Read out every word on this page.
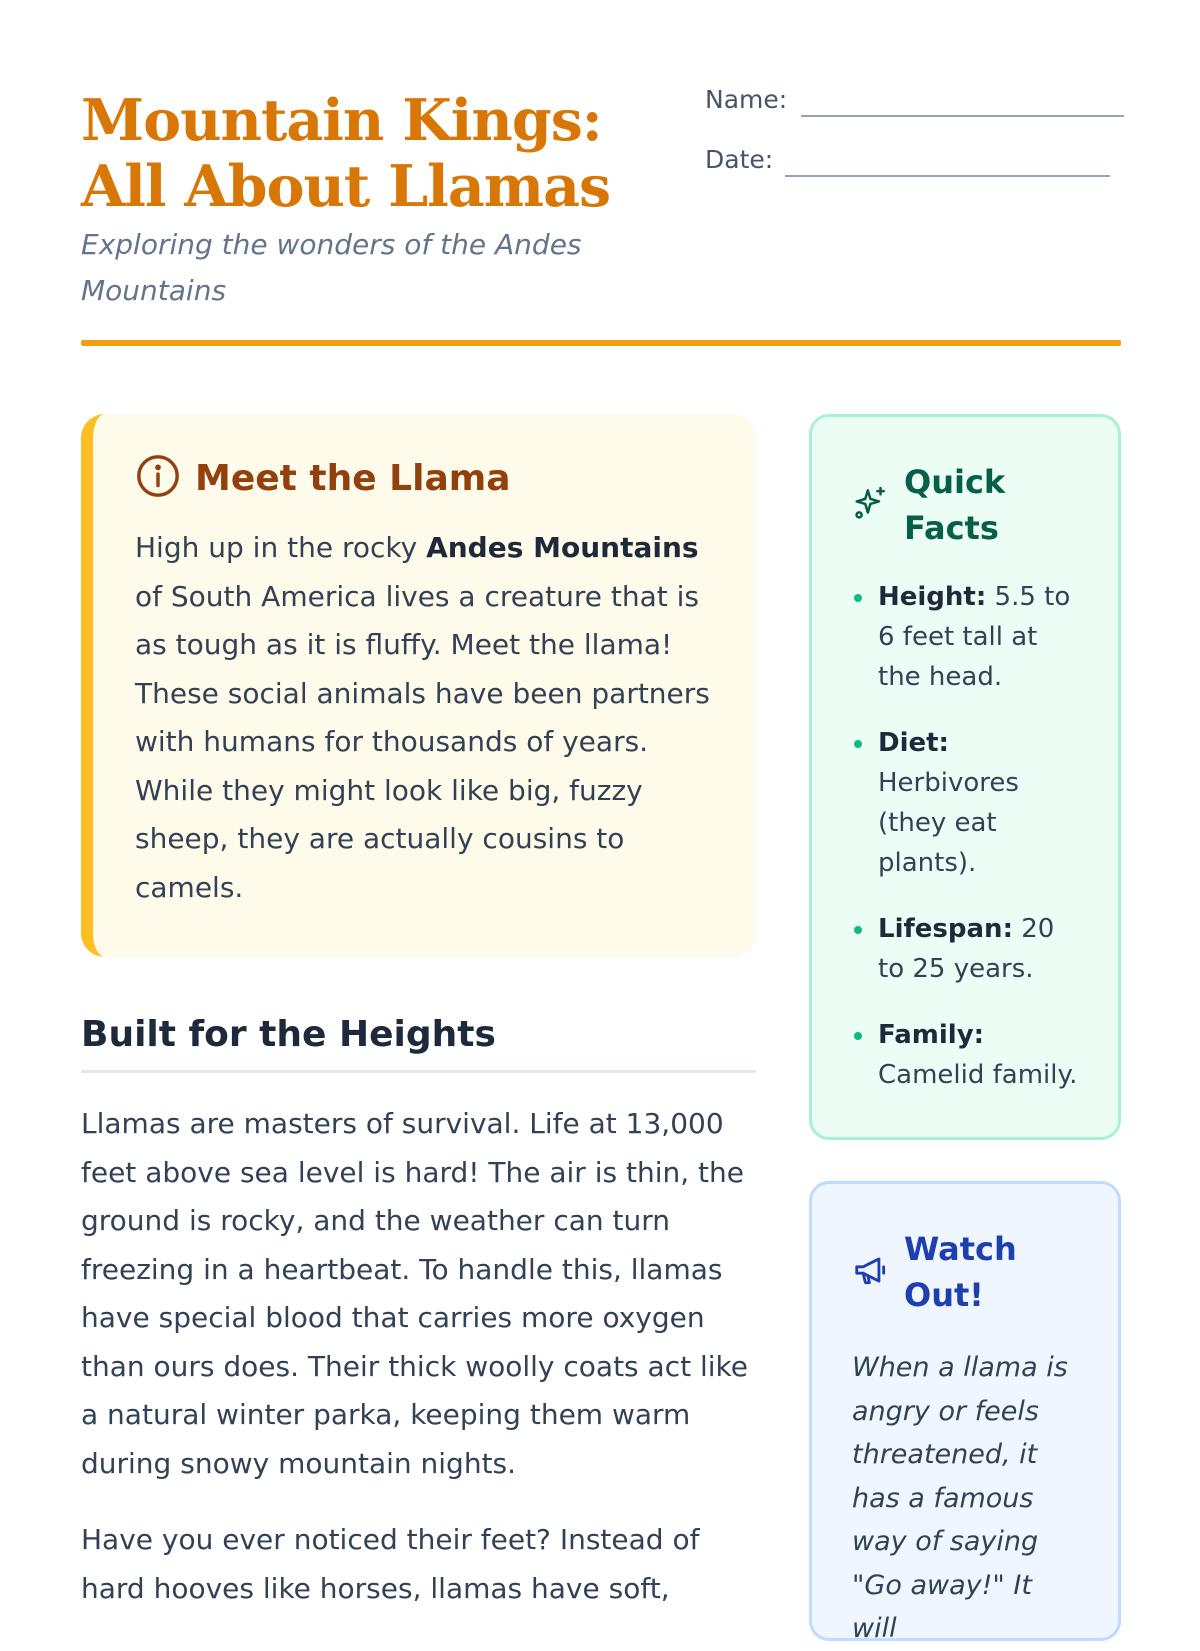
Mountain Kings: All About Llamas
Exploring the wonders of the Andes Mountains
Name:
Date:
Meet the Llama

High up in the rocky Andes Mountains of South America lives a creature that is as tough as it is fluffy. Meet the llama! These social animals have been partners with humans for thousands of years. While they might look like big, fuzzy sheep, they are actually cousins to camels.

Built for the Heights

Llamas are masters of survival. Life at 13,000 feet above sea level is hard! The air is thin, the ground is rocky, and the weather can turn freezing in a heartbeat. To handle this, llamas have special blood that carries more oxygen than ours does. Their thick woolly coats act like a natural winter parka, keeping them warm during snowy mountain nights.

Have you ever noticed their feet? Instead of hard hooves like horses, llamas have soft,

Quick Facts
Height: 5.5 to 6 feet tall at the head.
Diet: Herbivores (they eat plants).
Lifespan: 20 to 25 years.
Family: Camelid family.
Watch Out!

When a llama is angry or feels threatened, it has a famous way of saying "Go away!" It will
